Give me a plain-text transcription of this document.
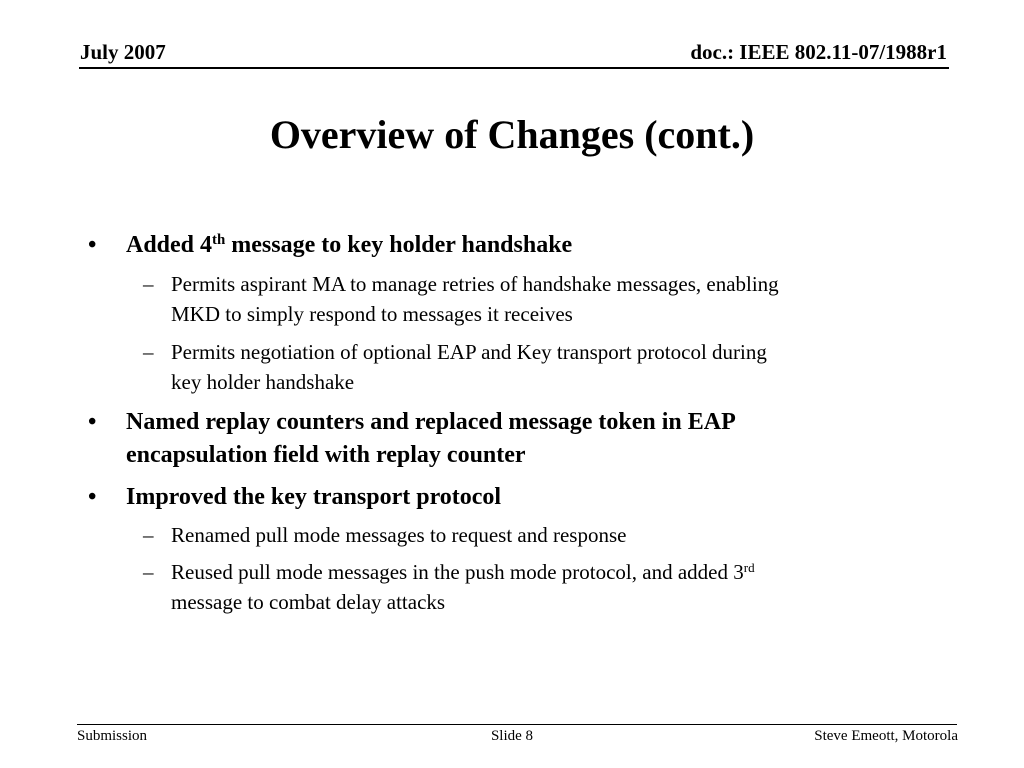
July 2007	doc.: IEEE 802.11-07/1988r1
Overview of Changes (cont.)
• Added 4th message to key holder handshake
– Permits aspirant MA to manage retries of handshake messages, enabling
MKD to simply respond to messages it receives
– Permits negotiation of optional EAP and Key transport protocol during
key holder handshake
• Named replay counters and replaced message token in EAP
encapsulation field with replay counter
• Improved the key transport protocol
– Renamed pull mode messages to request and response
– Reused pull mode messages in the push mode protocol, and added 3rd
message to combat delay attacks
Submission	Slide 8	Steve Emeott, Motorola
